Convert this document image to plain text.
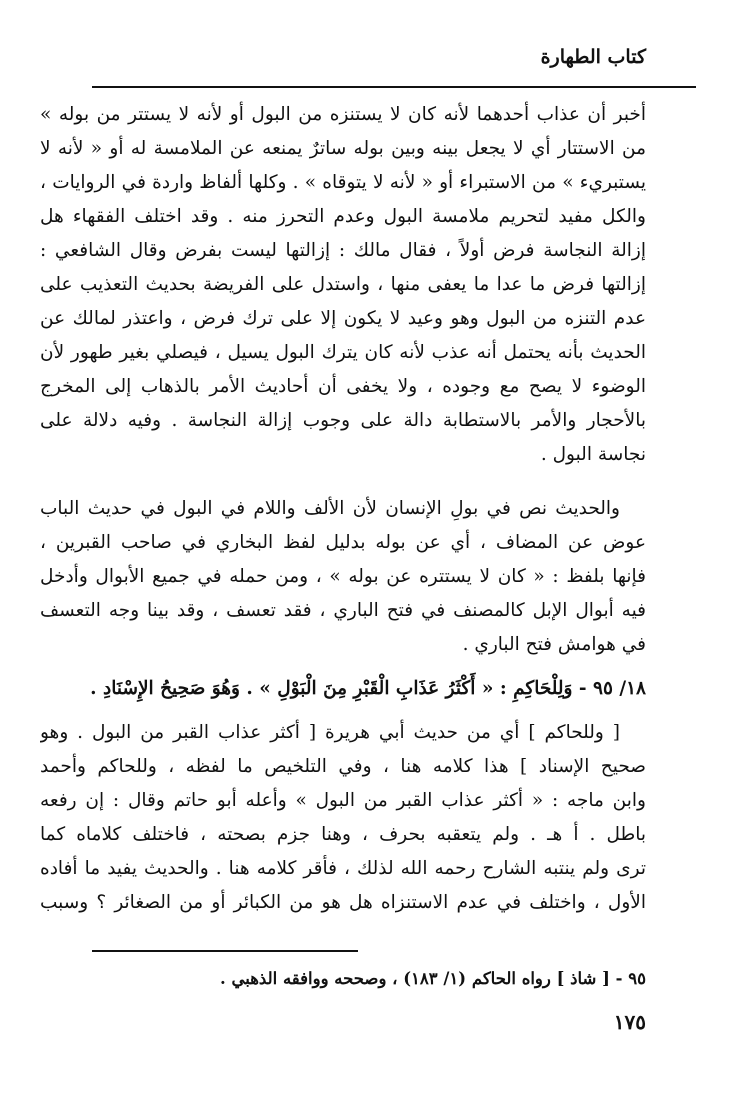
كتاب الطهارة
أخبر أن عذاب أحدهما لأنه كان لا يستنزه من البول أو لأنه لا يستتر من بوله »
من الاستتار أي لا يجعل بينه وبين بوله ساترٌ يمنعه عن الملامسة له أو « لأنه لا
يستبريء » من الاستبراء أو « لأنه لا يتوقاه » . وكلها ألفاظ واردة في الروايات ،
والكل مفيد لتحريم ملامسة البول وعدم التحرز منه . وقد اختلف الفقهاء هل
إزالة النجاسة فرض أولاً ، فقال مالك : إزالتها ليست بفرض وقال الشافعي :
إزالتها فرض ما عدا ما يعفى منها ، واستدل على الفريضة بحديث التعذيب على
عدم التنزه من البول وهو وعيد لا يكون إلا على ترك فرض ، واعتذر لمالك عن
الحديث بأنه يحتمل أنه عذب لأنه كان يترك البول يسيل ، فيصلي بغير طهور لأن
الوضوء لا يصح مع وجوده ، ولا يخفى أن أحاديث الأمر بالذهاب إلى المخرج
بالأحجار والأمر بالاستطابة دالة على وجوب إزالة النجاسة . وفيه دلالة على
نجاسة البول .
والحديث نص في بولِ الإنسان لأن الألف واللام في البول في حديث الباب
عوض عن المضاف ، أي عن بوله بدليل لفظ البخاري في صاحب القبرين ،
فإنها بلفظ : « كان لا يستتره عن بوله » ، ومن حمله في جميع الأبوال وأدخل
فيه أبوال الإبل كالمصنف في فتح الباري ، فقد تعسف ، وقد بينا وجه التعسف
في هوامش فتح الباري .
١٨/ ٩٥ - وَلِلْحَاكِمِ : « أَكْثَرُ عَذَابِ الْقَبْرِ مِنَ الْبَوْلِ » . وَهُوَ صَحِيحُ الإِسْنَادِ .
[ وللحاكم ] أي من حديث أبي هريرة [ أكثر عذاب القبر من البول . وهو
صحيح الإسناد ] هذا كلامه هنا ، وفي التلخيص ما لفظه ، وللحاكم وأحمد
وابن ماجه : « أكثر عذاب القبر من البول » وأعله أبو حاتم وقال : إن رفعه
باطل . أ هـ . ولم يتعقبه بحرف ، وهنا جزم بصحته ، فاختلف كلاماه كما
ترى ولم ينتبه الشارح رحمه الله لذلك ، فأقر كلامه هنا . والحديث يفيد ما أفاده
الأول ، واختلف في عدم الاستنزاه هل هو من الكبائر أو من الصغائر ؟ وسبب
٩٥ - [ شاذ ] رواه الحاكم (١/ ١٨٣) ، وصححه ووافقه الذهبي .
١٧٥
